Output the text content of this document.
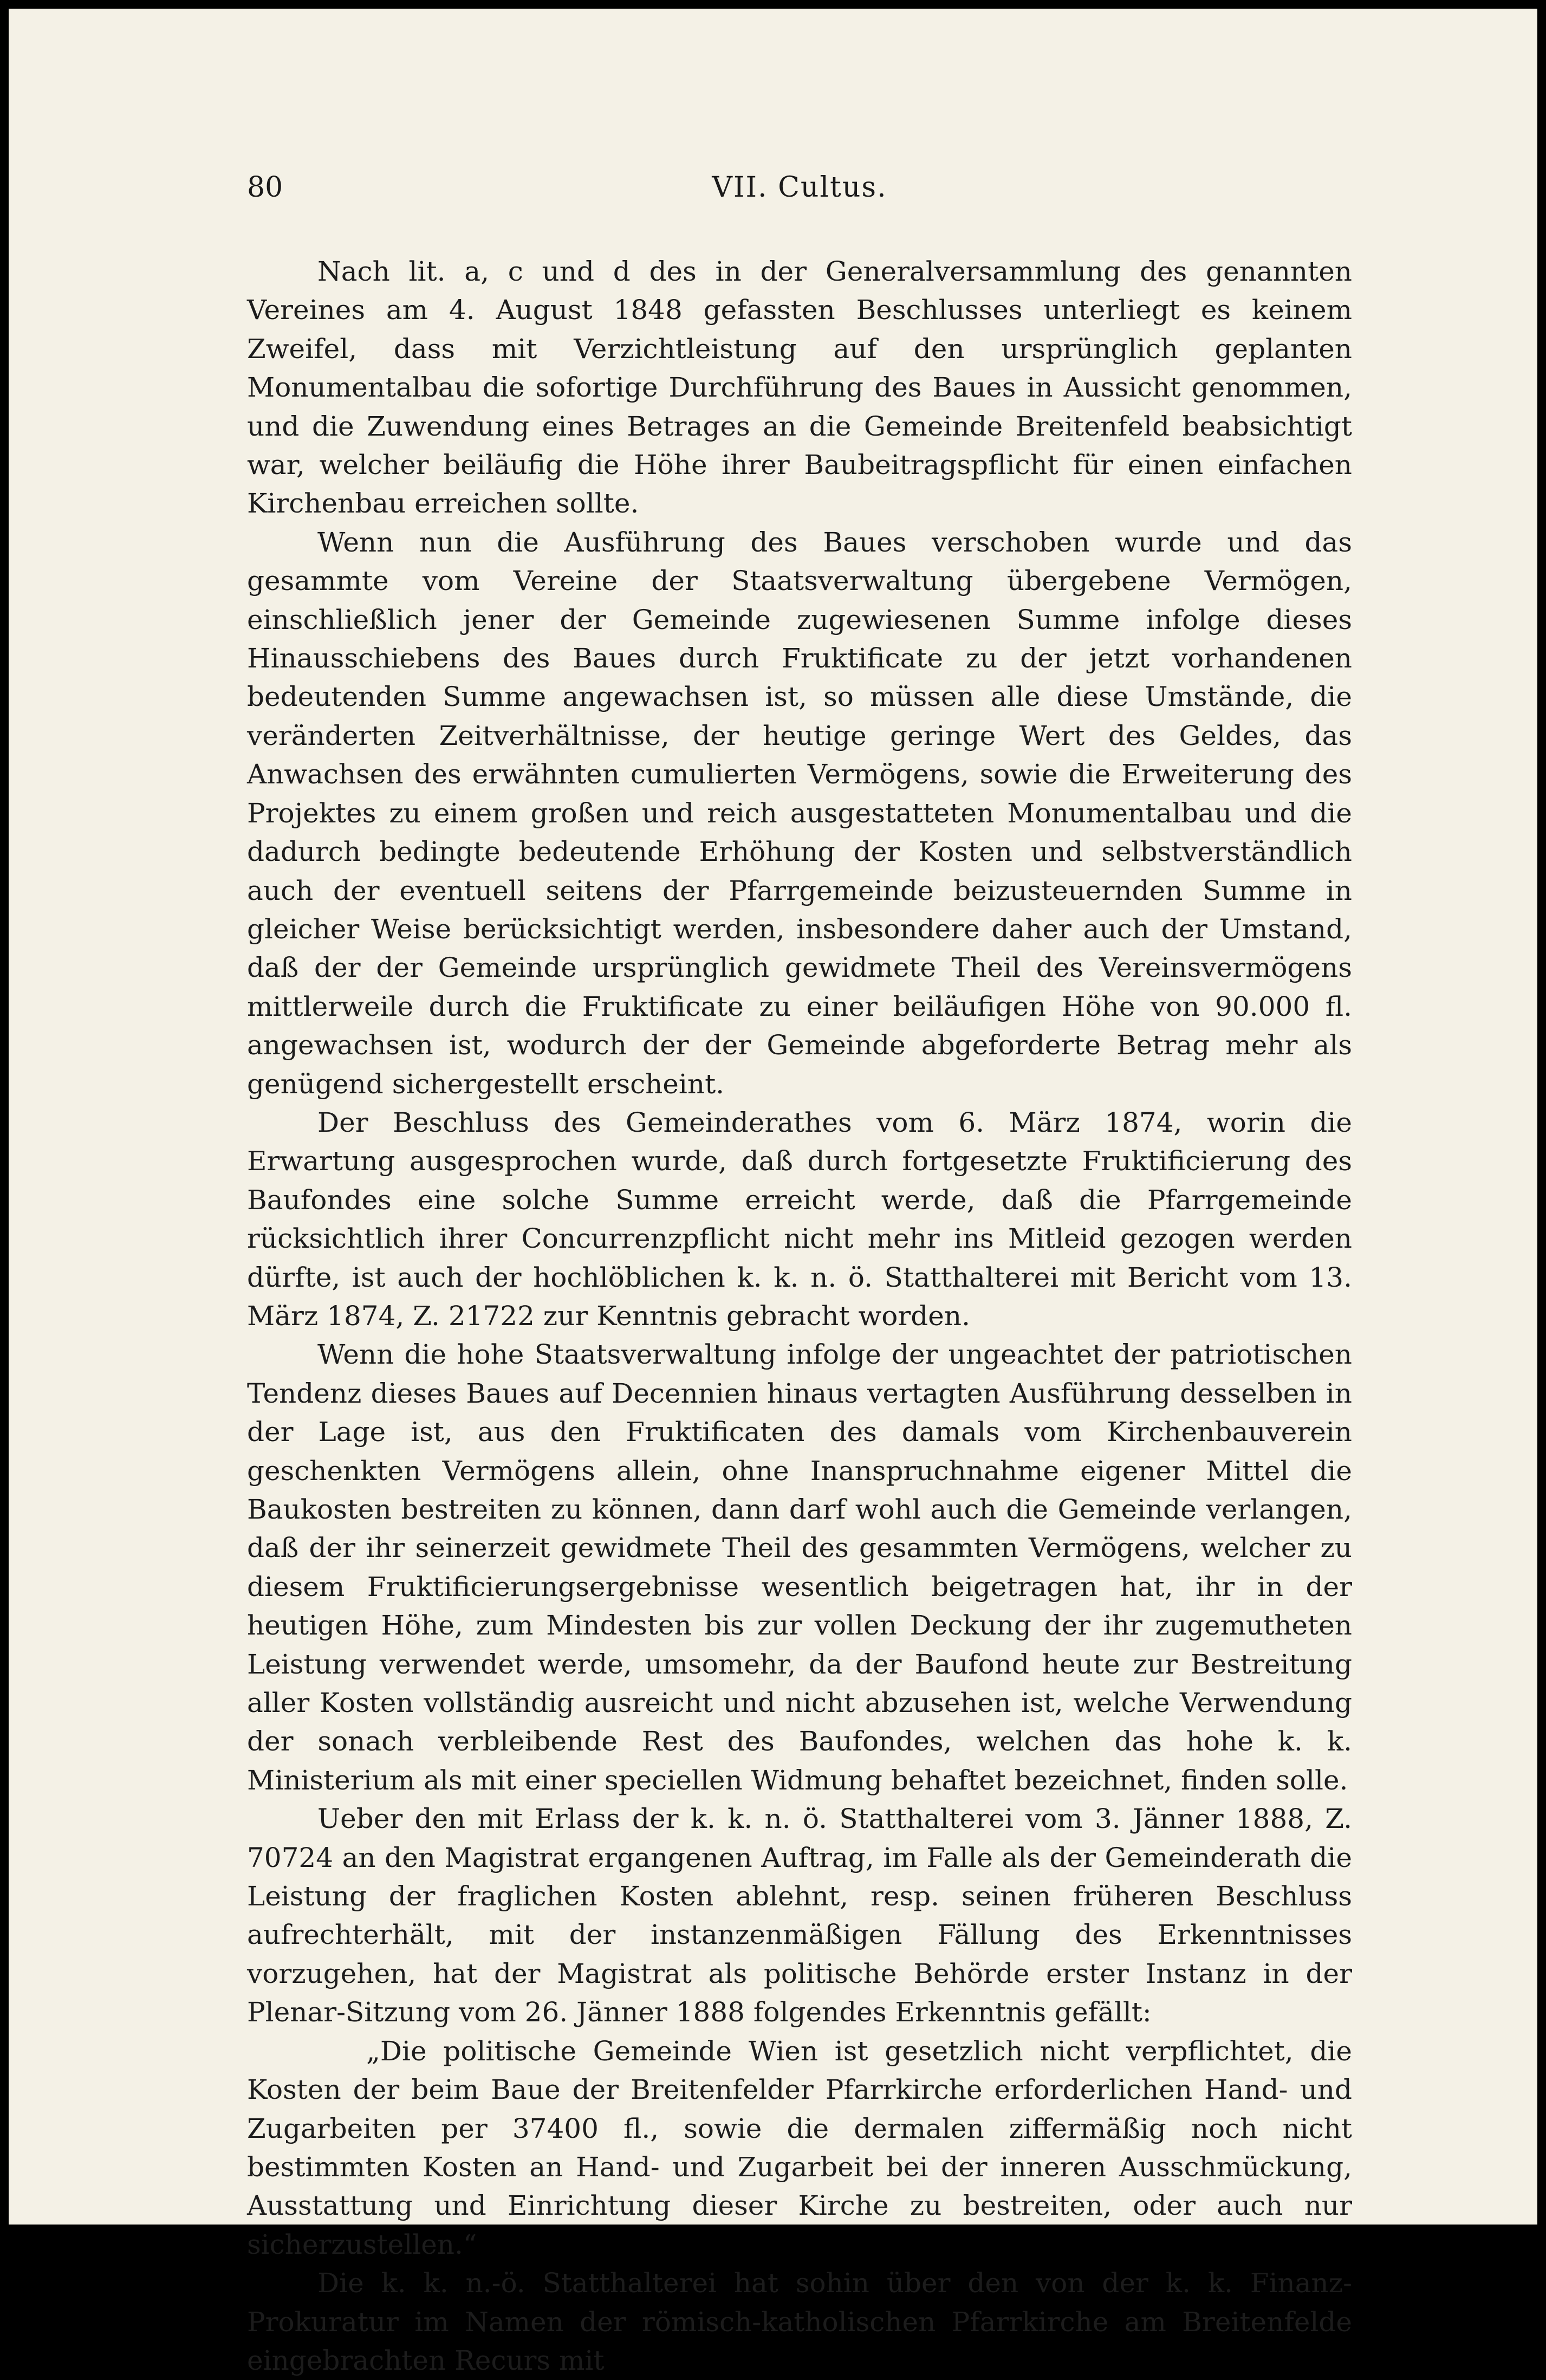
80	VII. Cultus.

Nach lit. a, c und d des in der Generalversammlung des genannten Vereines am 4. August 1848 gefassten Beschlusses unterliegt es keinem Zweifel, dass mit Verzichtleistung auf den ursprünglich geplanten Monumentalbau die sofortige Durchführung des Baues in Aussicht genommen, und die Zuwendung eines Betrages an die Gemeinde Breitenfeld beabsichtigt war, welcher beiläufig die Höhe ihrer Baubeitragspflicht für einen einfachen Kirchenbau erreichen sollte.

Wenn nun die Ausführung des Baues verschoben wurde und das gesammte vom Vereine der Staatsverwaltung übergebene Vermögen, einschließlich jener der Gemeinde zugewiesenen Summe infolge dieses Hinausschiebens des Baues durch Fruktificate zu der jetzt vorhandenen bedeutenden Summe angewachsen ist, so müssen alle diese Umstände, die veränderten Zeitverhältnisse, der heutige geringe Wert des Geldes, das Anwachsen des erwähnten cumulierten Vermögens, sowie die Erweiterung des Projektes zu einem großen und reich ausgestatteten Monumentalbau und die dadurch bedingte bedeutende Erhöhung der Kosten und selbstverständlich auch der eventuell seitens der Pfarrgemeinde beizusteuernden Summe in gleicher Weise berücksichtigt werden, insbesondere daher auch der Umstand, daß der der Gemeinde ursprünglich gewidmete Theil des Vereinsvermögens mittlerweile durch die Fruktificate zu einer beiläufigen Höhe von 90.000 fl. angewachsen ist, wodurch der der Gemeinde abgeforderte Betrag mehr als genügend sichergestellt erscheint.

Der Beschluss des Gemeinderathes vom 6. März 1874, worin die Erwartung ausgesprochen wurde, daß durch fortgesetzte Fruktificierung des Baufondes eine solche Summe erreicht werde, daß die Pfarrgemeinde rücksichtlich ihrer Concurrenzpflicht nicht mehr ins Mitleid gezogen werden dürfte, ist auch der hochlöblichen k. k. n. ö. Statthalterei mit Bericht vom 13. März 1874, Z. 21722 zur Kenntnis gebracht worden.

Wenn die hohe Staatsverwaltung infolge der ungeachtet der patriotischen Tendenz dieses Baues auf Decennien hinaus vertagten Ausführung desselben in der Lage ist, aus den Fruktificaten des damals vom Kirchenbauverein geschenkten Vermögens allein, ohne Inanspruchnahme eigener Mittel die Baukosten bestreiten zu können, dann darf wohl auch die Gemeinde verlangen, daß der ihr seinerzeit gewidmete Theil des gesammten Vermögens, welcher zu diesem Fruktificierungsergebnisse wesentlich beigetragen hat, ihr in der heutigen Höhe, zum Mindesten bis zur vollen Deckung der ihr zugemutheten Leistung verwendet werde, umsomehr, da der Baufond heute zur Bestreitung aller Kosten vollständig ausreicht und nicht abzusehen ist, welche Verwendung der sonach verbleibende Rest des Baufondes, welchen das hohe k. k. Ministerium als mit einer speciellen Widmung behaftet bezeichnet, finden solle.

Ueber den mit Erlass der k. k. n. ö. Statthalterei vom 3. Jänner 1888, Z. 70724 an den Magistrat ergangenen Auftrag, im Falle als der Gemeinderath die Leistung der fraglichen Kosten ablehnt, resp. seinen früheren Beschluss aufrechterhält, mit der instanzenmäßigen Fällung des Erkenntnisses vorzugehen, hat der Magistrat als politische Behörde erster Instanz in der Plenar-Sitzung vom 26. Jänner 1888 folgendes Erkenntnis gefällt:

„Die politische Gemeinde Wien ist gesetzlich nicht verpflichtet, die Kosten der beim Baue der Breitenfelder Pfarrkirche erforderlichen Hand- und Zugarbeiten per 37400 fl., sowie die dermalen ziffermäßig noch nicht bestimmten Kosten an Hand- und Zugarbeit bei der inneren Ausschmückung, Ausstattung und Einrichtung dieser Kirche zu bestreiten, oder auch nur sicherzustellen.“

Die k. k. n.-ö. Statthalterei hat sohin über den von der k. k. Finanz-Prokuratur im Namen der römisch-katholischen Pfarrkirche am Breitenfelde eingebrachten Recurs mit
